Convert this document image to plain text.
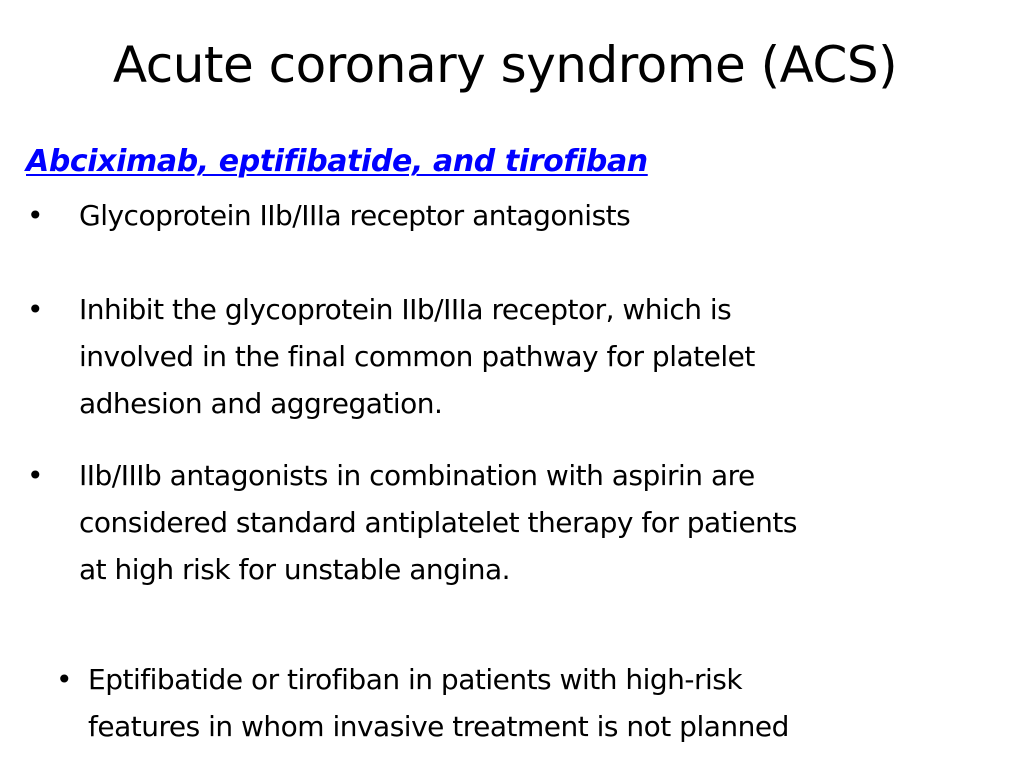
Acute coronary syndrome (ACS)
Abciximab, eptifibatide, and tirofiban
• Glycoprotein IIb/IIIa receptor antagonists
• Inhibit the glycoprotein IIb/IIIa receptor, which is
involved in the final common pathway for platelet
adhesion and aggregation.
• IIb/IIIb antagonists in combination with aspirin are
considered standard antiplatelet therapy for patients
at high risk for unstable angina.
• Eptifibatide or tirofiban in patients with high-risk
features in whom invasive treatment is not planned
